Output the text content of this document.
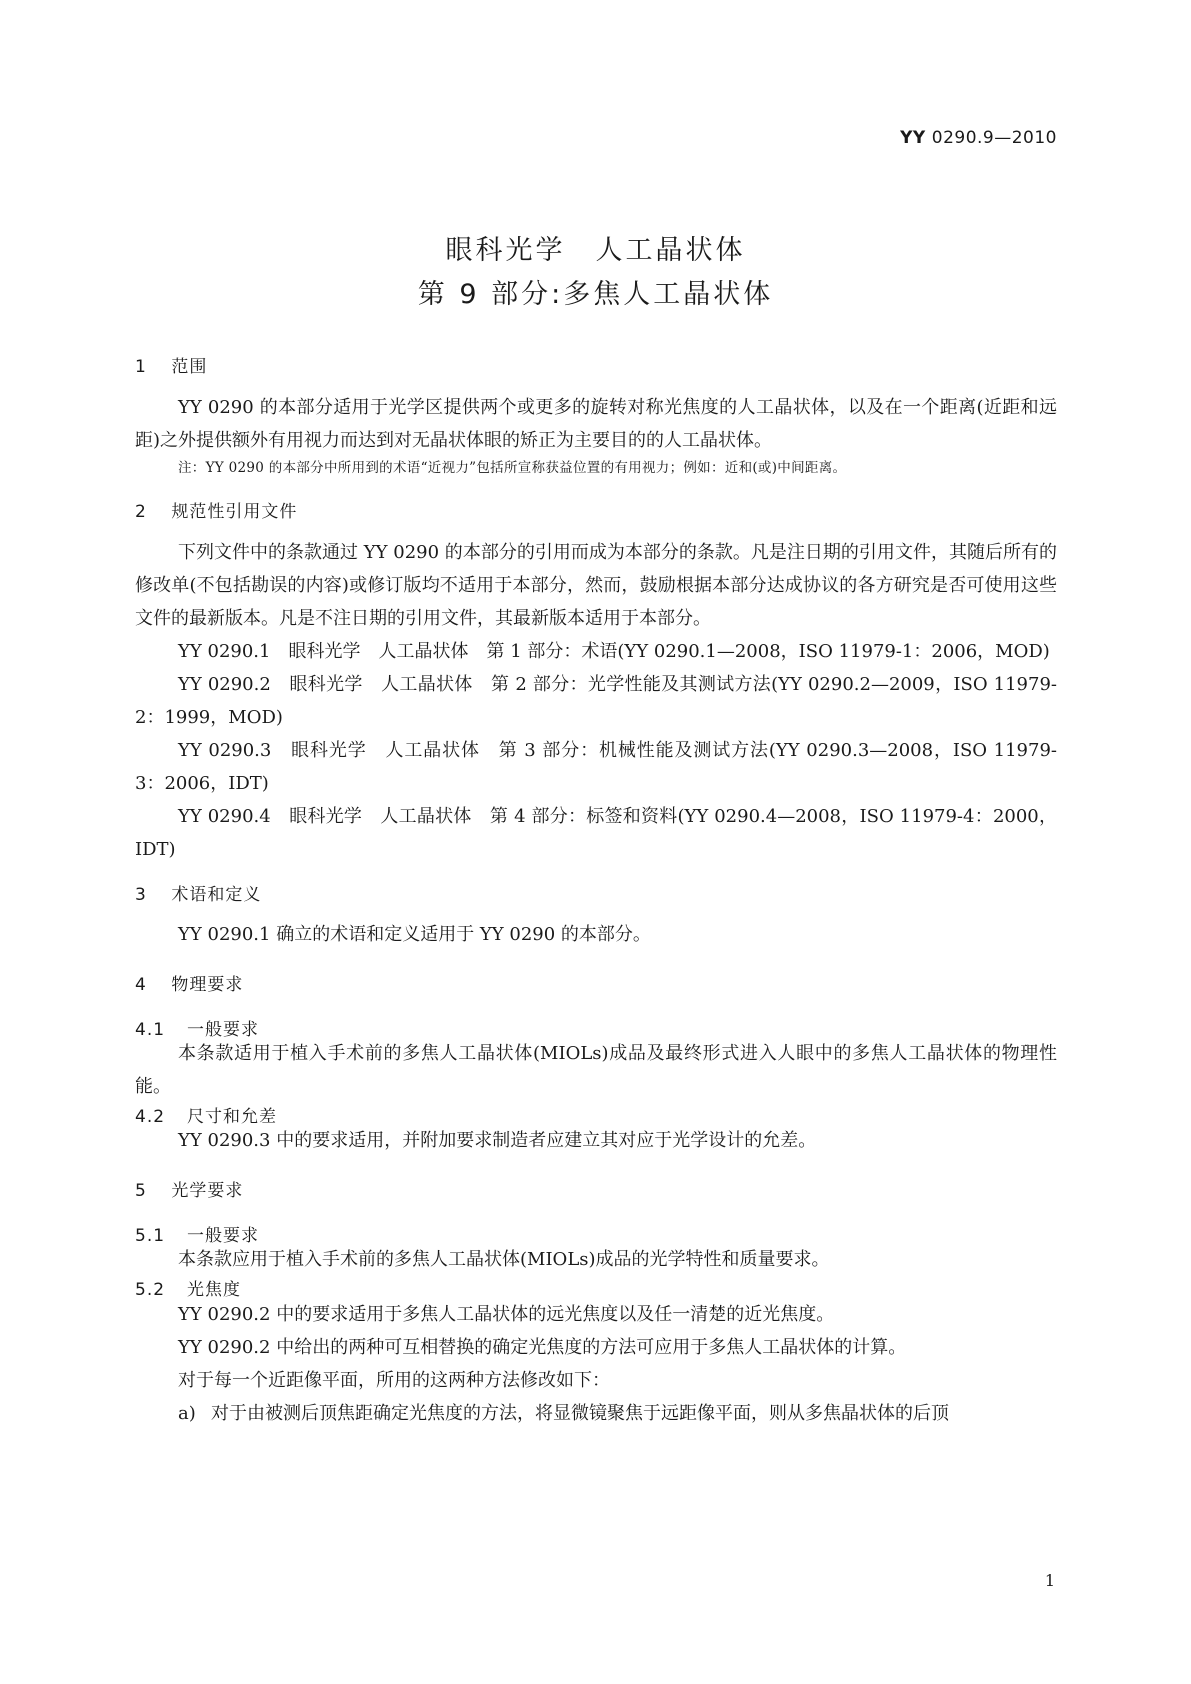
YY 0290.9—2010
眼科光学　人工晶状体
第 9 部分:多焦人工晶状体
1 范围

YY 0290 的本部分适用于光学区提供两个或更多的旋转对称光焦度的人工晶状体，以及在一个距离(近距和远距)之外提供额外有用视力而达到对无晶状体眼的矫正为主要目的的人工晶状体。

注：YY 0290 的本部分中所用到的术语“近视力”包括所宣称获益位置的有用视力；例如：近和(或)中间距离。
2 规范性引用文件

下列文件中的条款通过 YY 0290 的本部分的引用而成为本部分的条款。凡是注日期的引用文件，其随后所有的修改单(不包括勘误的内容)或修订版均不适用于本部分，然而，鼓励根据本部分达成协议的各方研究是否可使用这些文件的最新版本。凡是不注日期的引用文件，其最新版本适用于本部分。

YY 0290.1　眼科光学　人工晶状体　第 1 部分：术语(YY 0290.1—2008，ISO 11979-1：2006，MOD)

YY 0290.2　眼科光学　人工晶状体　第 2 部分：光学性能及其测试方法(YY 0290.2—2009，ISO 11979-2：1999，MOD)

YY 0290.3　眼科光学　人工晶状体　第 3 部分：机械性能及测试方法(YY 0290.3—2008，ISO 11979-3：2006，IDT)

YY 0290.4　眼科光学　人工晶状体　第 4 部分：标签和资料(YY 0290.4—2008，ISO 11979-4：2000，IDT)

3 术语和定义

YY 0290.1 确立的术语和定义适用于 YY 0290 的本部分。

4 物理要求
4.1 一般要求

本条款适用于植入手术前的多焦人工晶状体(MIOLs)成品及最终形式进入人眼中的多焦人工晶状体的物理性能。

4.2 尺寸和允差

YY 0290.3 中的要求适用，并附加要求制造者应建立其对应于光学设计的允差。

5 光学要求
5.1 一般要求

本条款应用于植入手术前的多焦人工晶状体(MIOLs)成品的光学特性和质量要求。

5.2 光焦度

YY 0290.2 中的要求适用于多焦人工晶状体的远光焦度以及任一清楚的近光焦度。

YY 0290.2 中给出的两种可互相替换的确定光焦度的方法可应用于多焦人工晶状体的计算。

对于每一个近距像平面，所用的这两种方法修改如下：

a) 对于由被测后顶焦距确定光焦度的方法，将显微镜聚焦于远距像平面，则从多焦晶状体的后顶

1
